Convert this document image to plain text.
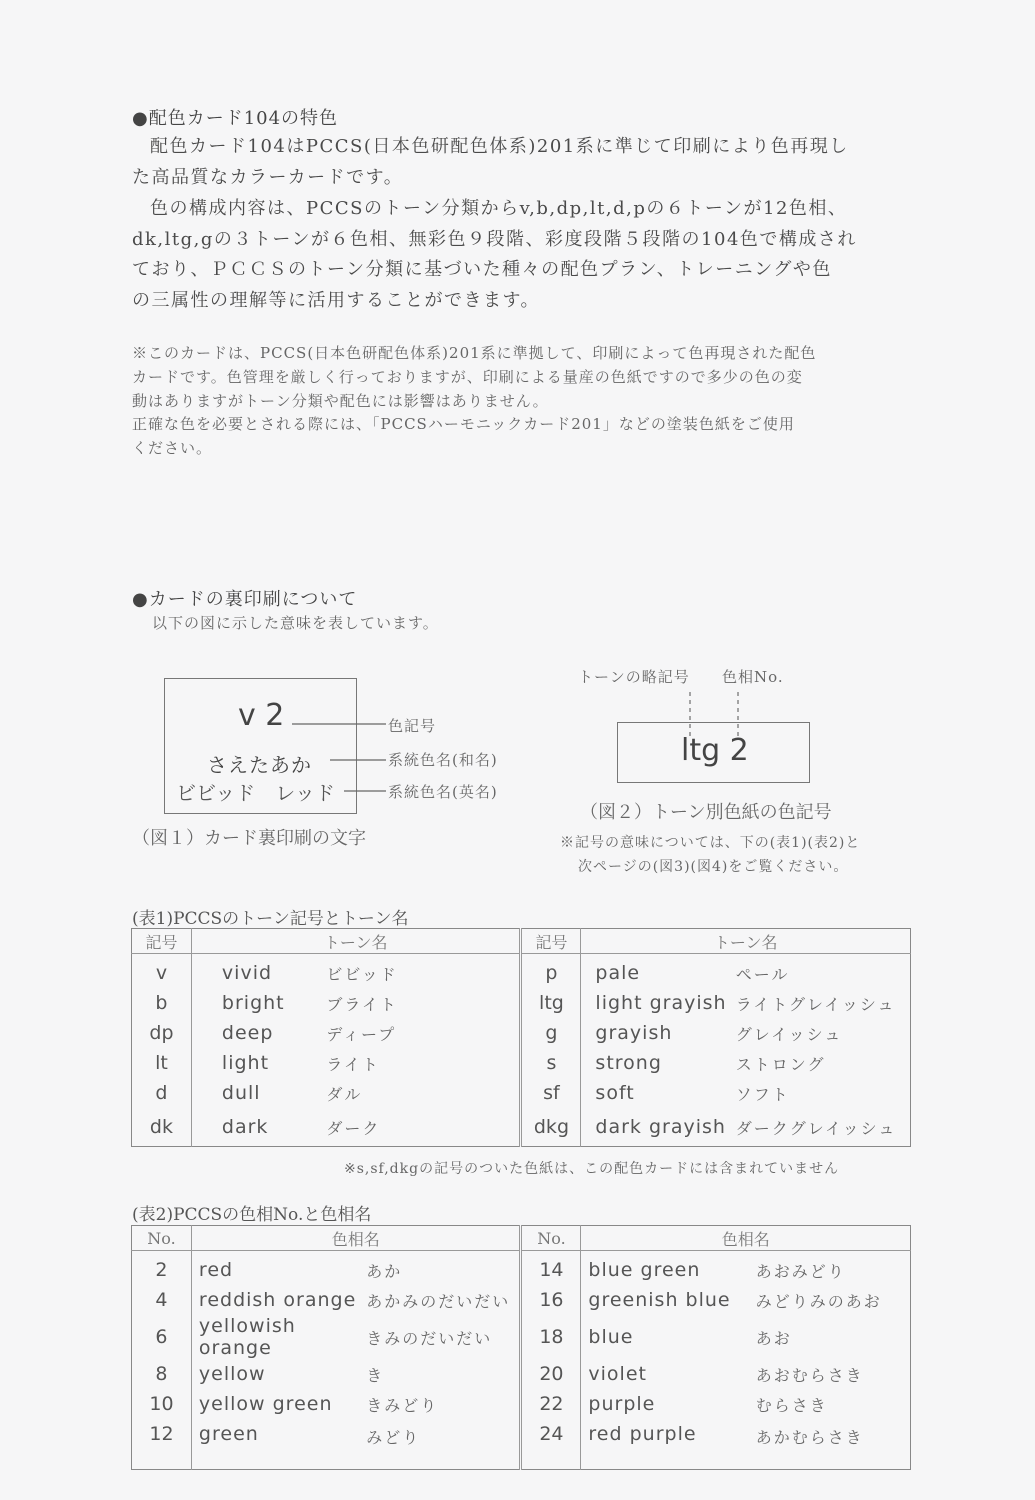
●配色カード104の特色
配色カード104はPCCS(日本色研配色体系)201系に準じて印刷により色再現し
た高品質なカラーカードです。
色の構成内容は、PCCSのトーン分類からv,b,dp,lt,d,pの６トーンが12色相、
dk,ltg,gの３トーンが６色相、無彩色９段階、彩度段階５段階の104色で構成され
ており、ＰＣＣＳのトーン分類に基づいた種々の配色プラン、トレーニングや色
の三属性の理解等に活用することができます。
※このカードは、PCCS(日本色研配色体系)201系に準拠して、印刷によって色再現された配色
カードです。色管理を厳しく行っておりますが、印刷による量産の色紙ですので多少の色の変
動はありますがトーン分類や配色には影響はありません。
正確な色を必要とされる際には、「PCCSハーモニックカード201」などの塗装色紙をご使用
ください。
●カードの裏印刷について
以下の図に示した意味を表しています。
v 2
さえたあか
ビビッド　レッド
色記号
系統色名(和名)
系統色名(英名)
（図１）カード裏印刷の文字
トーンの略記号 色相No.
ltg 2
（図２）トーン別色紙の色記号
※記号の意味については、下の(表1)(表2)と
次ページの(図3)(図4)をご覧ください。
(表1)PCCSのトーン記号とトーン名
記号	トーン名		記号	トーン名	
v	vivid	ビビッド	p	pale	ペール
b	bright	ブライト	ltg	light grayish	ライトグレイッシュ
dp	deep	ディープ	g	grayish	グレイッシュ
lt	light	ライト	s	strong	ストロング
d	dull	ダル	sf	soft	ソフト
dk	dark	ダーク	dkg	dark grayish	ダークグレイッシュ
※s,sf,dkgの記号のついた色紙は、この配色カードには含まれていません
(表2)PCCSの色相No.と色相名
No.	色相名		No.	色相名	
2	red	あか	14	blue green	あおみどり
4	reddish orange	あかみのだいだい	16	greenish blue	みどりみのあお
6	yellowish orange	きみのだいだい	18	blue	あお
8	yellow	き	20	violet	あおむらさき
10	yellow green	きみどり	22	purple	むらさき
12	green	みどり	24	red purple	あかむらさき
